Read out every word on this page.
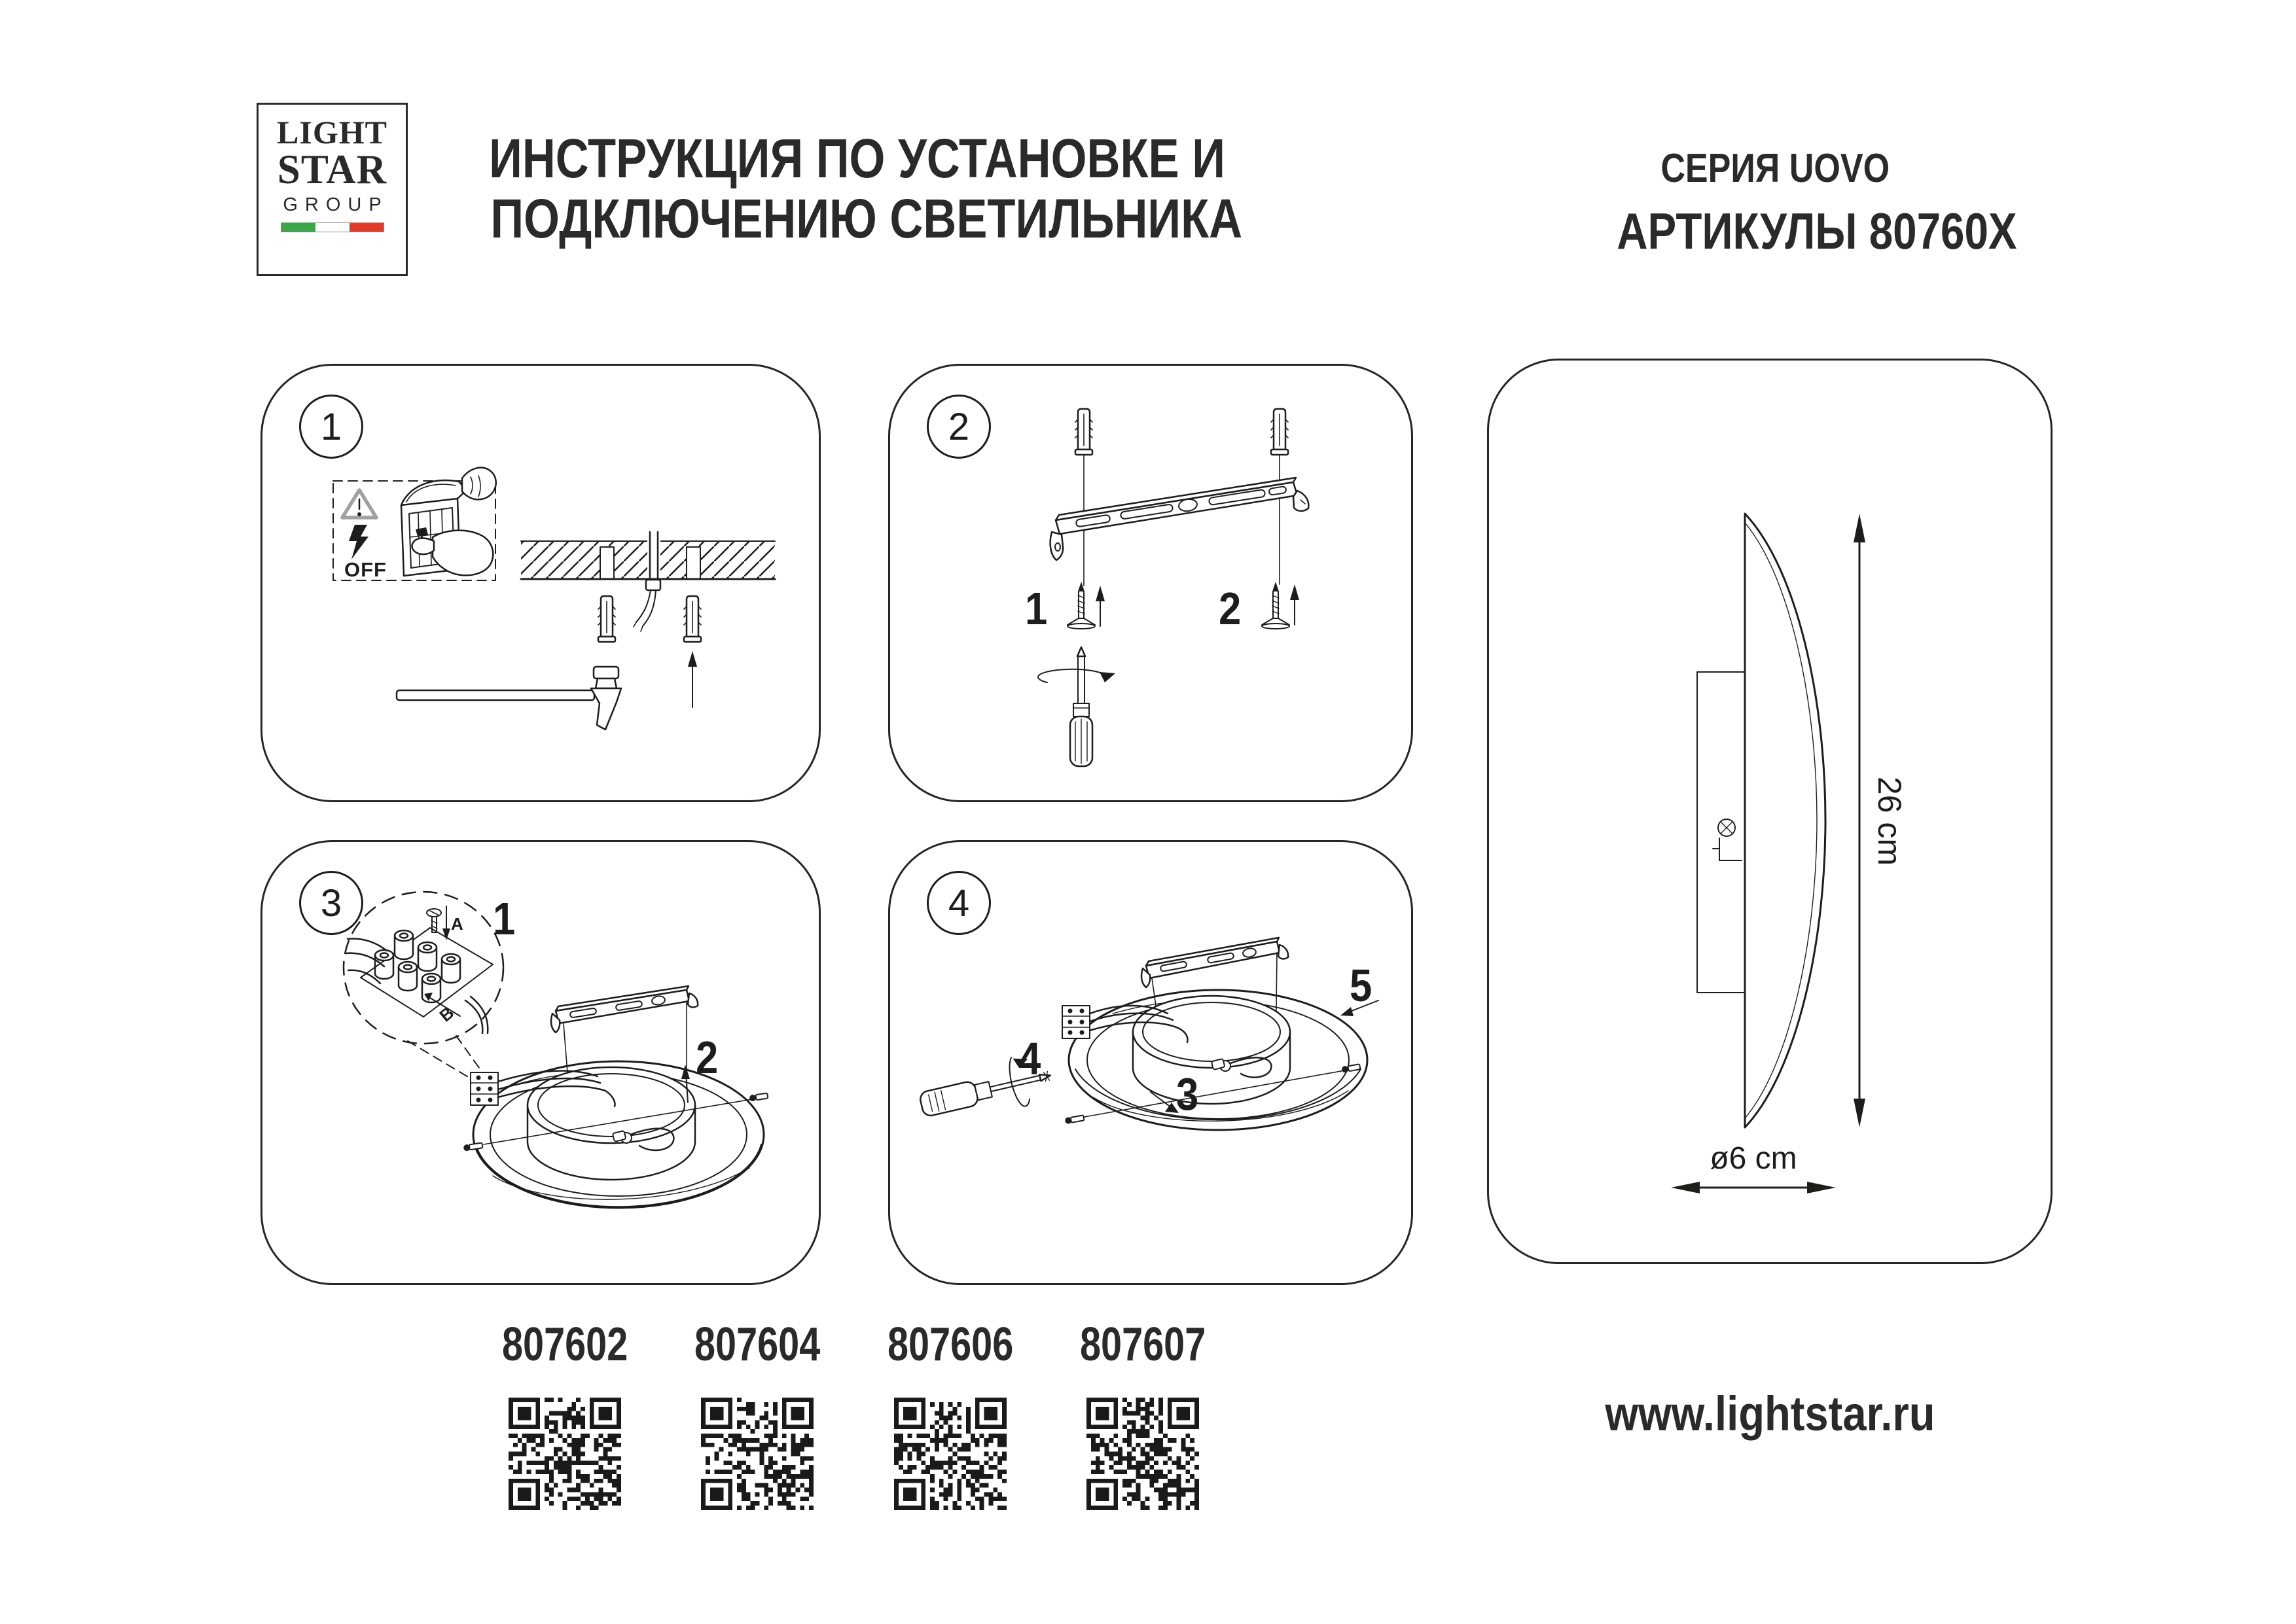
LIGHT
STAR
GROUP
ИНСТРУКЦИЯ ПО УСТАНОВКЕ И
ПОДКЛЮЧЕНИЮ СВЕТИЛЬНИКА
СЕРИЯ UOVO
АРТИКУЛЫ 80760X
1
OFF
2
1	2
3	1
2
A
B
4
3
4
5
26 cm
ø6 cm
807602	807604	807606	807607
www.lightstar.ru
